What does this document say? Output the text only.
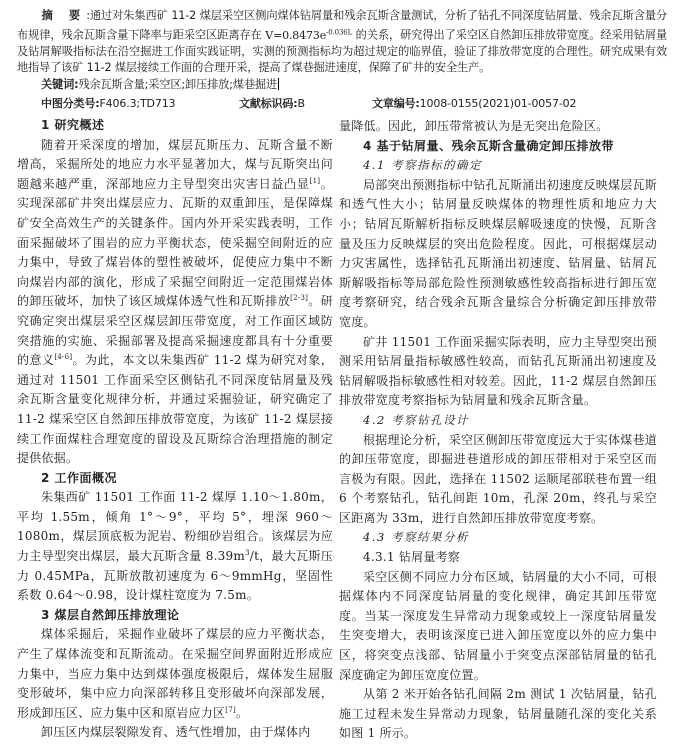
摘 要:通过对朱集西矿 11-2 煤层采空区侧向煤体钻屑量和残余瓦斯含量测试，分析了钻孔不同深度钻屑量、残余瓦斯含量分布规律，残余瓦斯含量下降率与距采空区距离存在 $V=0.8473e^{-0.036L}$ 的关系，研究得出了采空区自然卸压排放带宽度。经采用钻屑量及钻屑解吸指标法在沿空掘进工作面实践证明，实测的预测指标均为超过规定的临界值，验证了排放带宽度的合理性。研究成果有效地指导了该矿 11-2 煤层接续工作面的合理开采，提高了煤巷掘进速度，保障了矿井的安全生产。

关键词:残余瓦斯含量;采空区;卸压排放;煤巷掘进
中图分类号:F406.3;TD713	文献标识码:B	文章编号:1008-0155(2021)01-0057-02
1 研究概述

随着开采深度的增加，煤层瓦斯压力、瓦斯含量不断增高，采掘所处的地应力水平显著加大，煤与瓦斯突出问题越来越严重，深部地应力主导型突出灾害日益凸显[1]。实现深部矿井突出煤层应力、瓦斯的双重卸压，是保障煤矿安全高效生产的关键条件。国内外开采实践表明，工作面采掘破坏了围岩的应力平衡状态，使采掘空间附近的应力集中，导致了煤岩体的塑性被破坏，促使应力集中不断向煤岩内部的演化，形成了采掘空间附近一定范围煤岩体的卸压破坏，加快了该区域煤体透气性和瓦斯排放[2-3]。研究确定突出煤层采空区煤层卸压带宽度，对工作面区域防突措施的实施、采掘部署及提高采掘速度都具有十分重要的意义[4-6]。为此，本文以朱集西矿 11-2 煤为研究对象，通过对 11501 工作面采空区侧钻孔不同深度钻屑量及残余瓦斯含量变化规律分析，并通过采掘验证，研究确定了 11-2 煤采空区自然卸压排放带宽度，为该矿 11-2 煤层接续工作面煤柱合理宽度的留设及瓦斯综合治理措施的制定提供依据。

2 工作面概况

朱集西矿 11501 工作面 11-2 煤厚 1.10～1.80m，平均 1.55m，倾角 1°～9°，平均 5°，埋深 960～1080m，煤层顶底板为泥岩、粉细砂岩组合。该煤层为应力主导型突出煤层，最大瓦斯含量 $8.39m^3/t$，最大瓦斯压力 0.45MPa，瓦斯放散初速度为 6～9mmHg，坚固性系数 0.64～0.98，设计煤柱宽度为 7.5m。

3 煤层自然卸压排放理论

煤体采掘后，采掘作业破坏了煤层的应力平衡状态，产生了煤体流变和瓦斯流动。在采掘空间界面附近形成应力集中，当应力集中达到煤体强度极限后，煤体发生屈服变形破坏，集中应力向深部转移且变形破坏向深部发展，形成卸压区、应力集中区和原岩应力区[7]。

卸压区内煤层裂隙发育、透气性增加，由于煤体内

量降低。因此，卸压带常被认为是无突出危险区。

4 基于钻屑量、残余瓦斯含量确定卸压排放带
4.1 考察指标的确定

局部突出预测指标中钻孔瓦斯涌出初速度反映煤层瓦斯和透气性大小；钻屑量反映煤体的物理性质和地应力大小；钻屑瓦斯解析指标反映煤层解吸速度的快慢，瓦斯含量及压力反映煤层的突出危险程度。因此，可根据煤层动力灾害属性，选择钻孔瓦斯涌出初速度、钻屑量、钻屑瓦斯解吸指标等局部危险性预测敏感性较高指标进行卸压宽度考察研究，结合残余瓦斯含量综合分析确定卸压排放带宽度。

矿井 11501 工作面采掘实际表明，应力主导型突出预测采用钻屑量指标敏感性较高，而钻孔瓦斯涌出初速度及钻屑解吸指标敏感性相对较差。因此，11-2 煤层自然卸压排放带宽度考察指标为钻屑量和残余瓦斯含量。

4.2 考察钻孔设计

根据理论分析，采空区侧卸压带宽度远大于实体煤巷道的卸压带宽度，即掘进巷道形成的卸压带相对于采空区而言极为有限。因此，选择在 11502 运顺尾部联巷布置一组 6 个考察钻孔，钻孔间距 10m，孔深 20m，终孔与采空区距离为 33m，进行自然卸压排放带宽度考察。

4.3 考察结果分析
4.3.1 钻屑量考察

采空区侧不同应力分布区域，钻屑量的大小不同，可根据煤体内不同深度钻屑量的变化规律，确定其卸压带宽度。当某一深度发生异常动力现象或较上一深度钻屑量发生突变增大，表明该深度已进入卸压宽度以外的应力集中区，将突变点浅部、钻屑量小于突变点深部钻屑量的钻孔深度确定为卸压宽度位置。

从第 2 米开始各钻孔间隔 2m 测试 1 次钻屑量，钻孔施工过程未发生异常动力现象，钻屑量随孔深的变化关系如图 1 所示。
